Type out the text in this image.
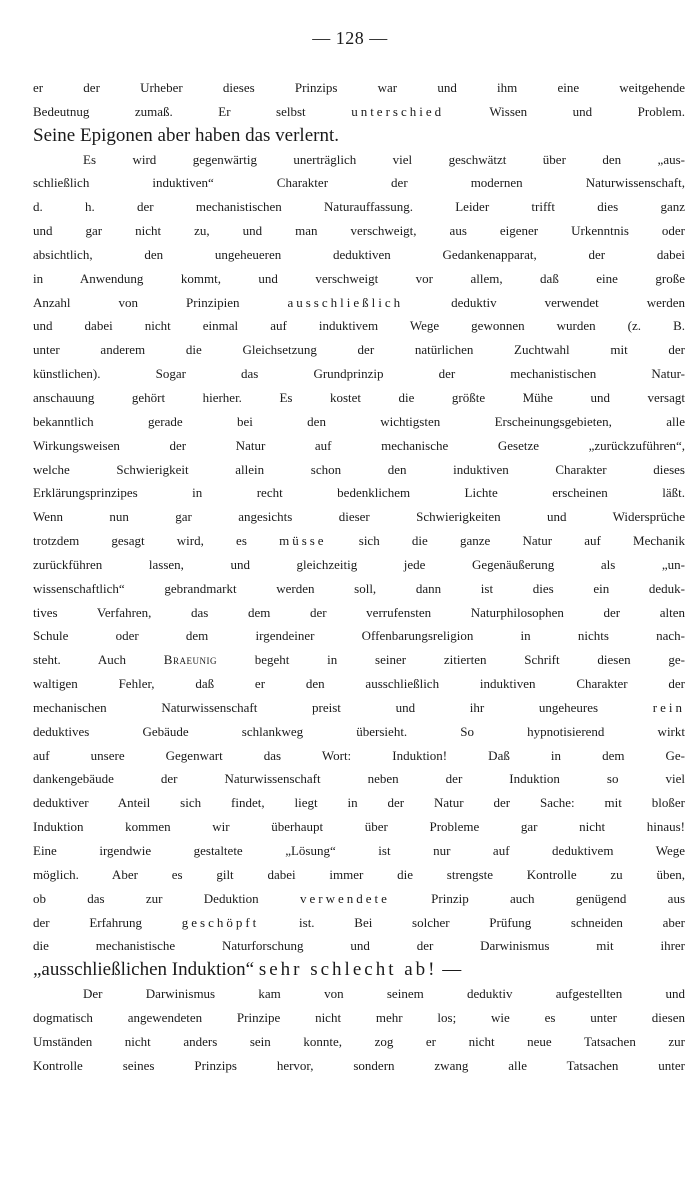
— 128 —
er der Urheber dieses Prinzips war und ihm eine weitgehende
Bedeutnug zumaß. Er selbst unterschied Wissen und Problem.
Seine Epigonen aber haben das verlernt.
Es wird gegenwärtig unerträglich viel geschwätzt über den „aus-
schließlich induktiven“ Charakter der modernen Naturwissenschaft,
d. h. der mechanistischen Naturauffassung. Leider trifft dies ganz
und gar nicht zu, und man verschweigt, aus eigener Urkenntnis oder
absichtlich, den ungeheueren deduktiven Gedankenapparat, der dabei
in Anwendung kommt, und verschweigt vor allem, daß eine große
Anzahl von Prinzipien ausschließlich deduktiv verwendet werden
und dabei nicht einmal auf induktivem Wege gewonnen wurden (z. B.
unter anderem die Gleichsetzung der natürlichen Zuchtwahl mit der
künstlichen). Sogar das Grundprinzip der mechanistischen Natur-
anschauung gehört hierher. Es kostet die größte Mühe und versagt
bekanntlich gerade bei den wichtigsten Erscheinungsgebieten, alle
Wirkungsweisen der Natur auf mechanische Gesetze „zurückzuführen“,
welche Schwierigkeit allein schon den induktiven Charakter dieses
Erklärungsprinzipes in recht bedenklichem Lichte erscheinen läßt.
Wenn nun gar angesichts dieser Schwierigkeiten und Widersprüche
trotzdem gesagt wird, es müsse sich die ganze Natur auf Mechanik
zurückführen lassen, und gleichzeitig jede Gegenäußerung als „un-
wissenschaftlich“ gebrandmarkt werden soll, dann ist dies ein deduk-
tives Verfahren, das dem der verrufensten Naturphilosophen der alten
Schule oder dem irgendeiner Offenbarungsreligion in nichts nach-
steht. Auch Braeunig begeht in seiner zitierten Schrift diesen ge-
waltigen Fehler, daß er den ausschließlich induktiven Charakter der
mechanischen Naturwissenschaft preist und ihr ungeheures rein
deduktives Gebäude schlankweg übersieht. So hypnotisierend wirkt
auf unsere Gegenwart das Wort: Induktion! Daß in dem Ge-
dankengebäude der Naturwissenschaft neben der Induktion so viel
deduktiver Anteil sich findet, liegt in der Natur der Sache: mit bloßer
Induktion kommen wir überhaupt über Probleme gar nicht hinaus!
Eine irgendwie gestaltete „Lösung“ ist nur auf deduktivem Wege
möglich. Aber es gilt dabei immer die strengste Kontrolle zu üben,
ob das zur Deduktion verwendete Prinzip auch genügend aus
der Erfahrung geschöpft ist. Bei solcher Prüfung schneiden aber
die mechanistische Naturforschung und der Darwinismus mit ihrer
„ausschließlichen Induktion“ sehr schlecht ab! —
Der Darwinismus kam von seinem deduktiv aufgestellten und
dogmatisch angewendeten Prinzipe nicht mehr los; wie es unter diesen
Umständen nicht anders sein konnte, zog er nicht neue Tatsachen zur
Kontrolle seines Prinzips hervor, sondern zwang alle Tatsachen unter
